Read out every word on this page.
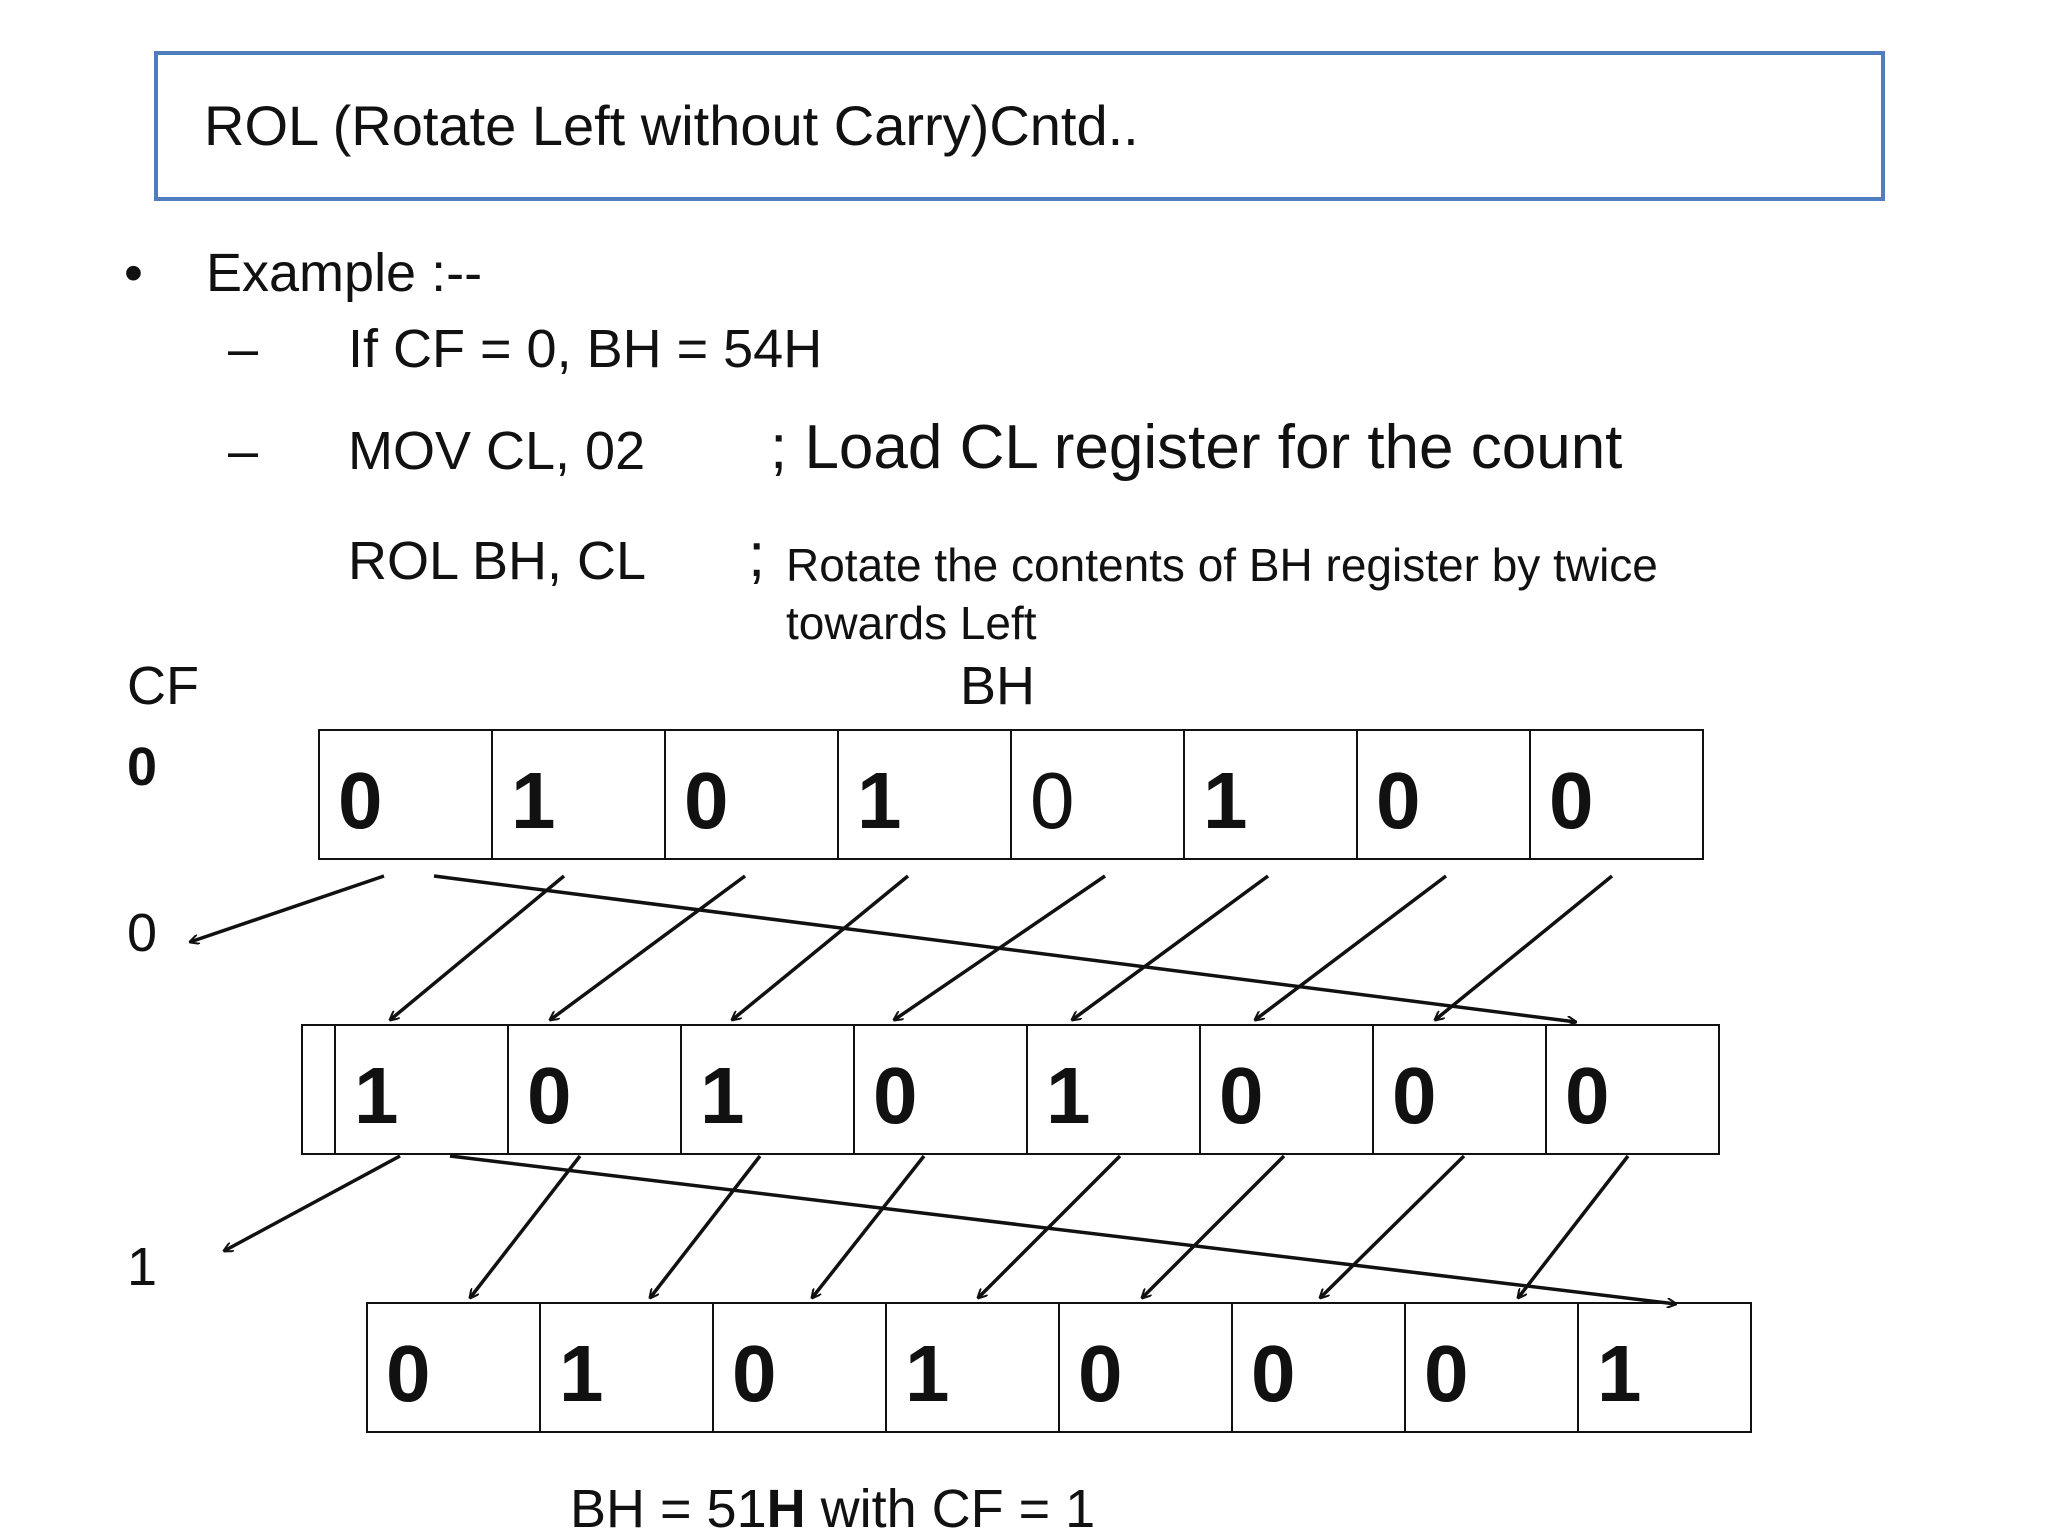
ROL (Rotate Left without Carry)Cntd..
• Example :--
– If CF = 0, BH = 54H
– MOV CL, 02 ; Load CL register for the count
ROL BH, CL ; Rotate the contents of BH register by twice
towards Left
CF
0
BH
0
1
0 1 0 1 0 1 0 0
1 0 1 0 1 0 0 0
0 1 0 1 0 0 0 1
BH = 51H with CF = 1
